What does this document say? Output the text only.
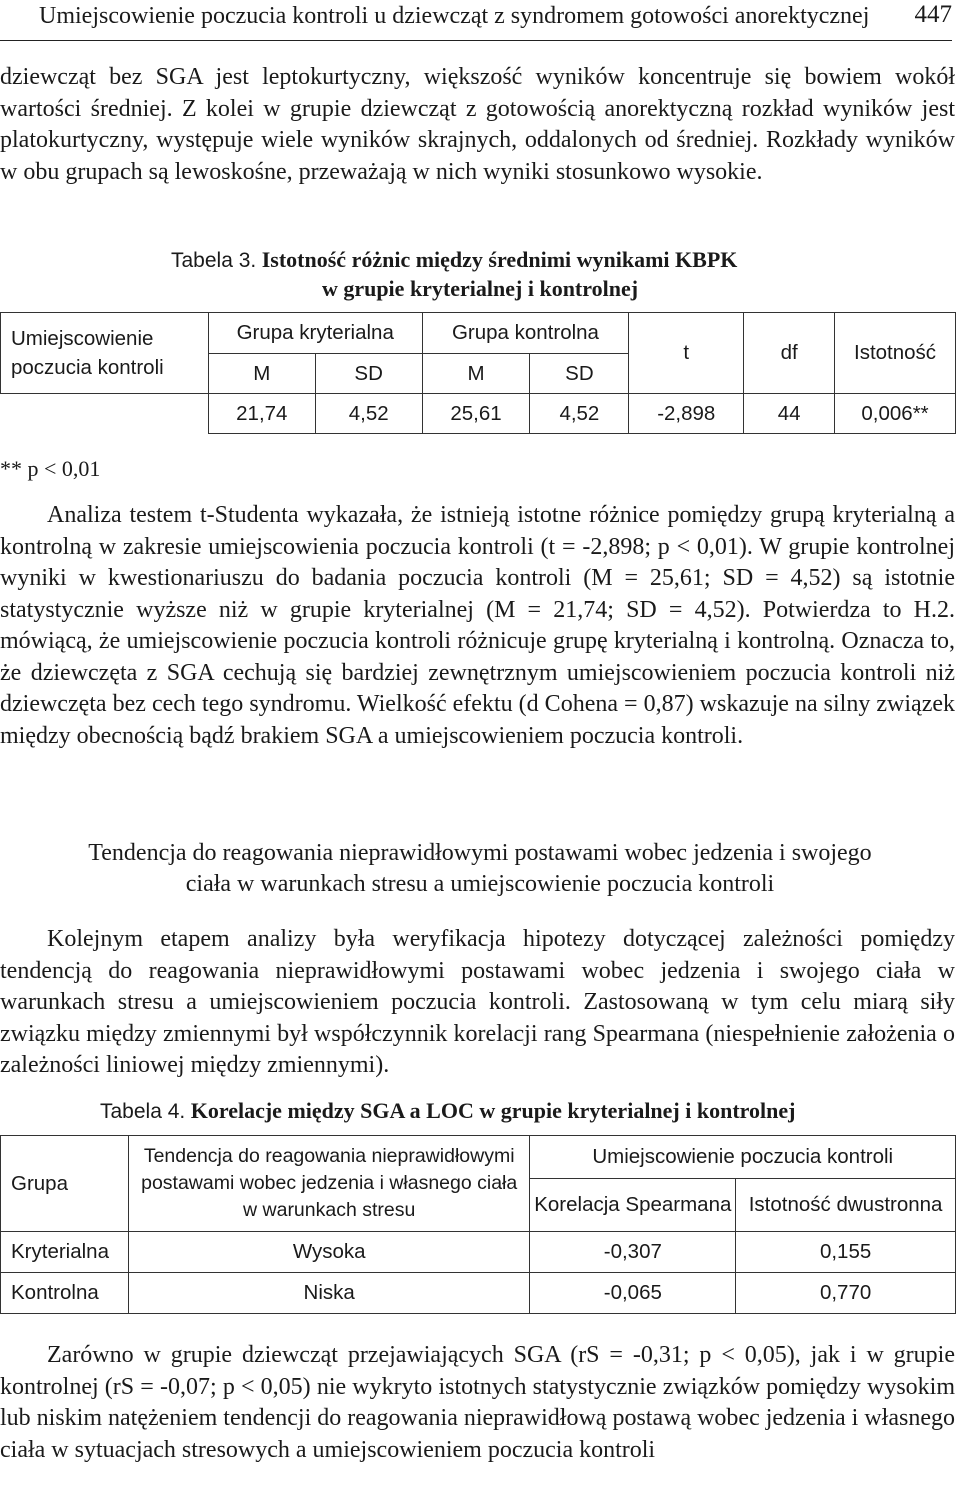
Umiejscowienie poczucia kontroli u dziewcząt z syndromem gotowości anorektycznej 447

dziewcząt bez SGA jest leptokurtyczny, większość wyników koncentruje się bowiem wokół wartości średniej. Z kolei w grupie dziewcząt z gotowością anorektyczną rozkład wyników jest platokurtyczny, występuje wiele wyników skrajnych, oddalonych od średniej. Rozkłady wyników w obu grupach są lewoskośne, przeważają w nich wyniki stosunkowo wysokie.

Tabela 3. Istotność różnic między średnimi wynikami KBPK
w grupie kryterialnej i kontrolnej
Umiejscowienie poczucia kontroli	Grupa kryterialna		Grupa kontrolna		t	df	Istotność
	M	SD	M	SD			
	21,74	4,52	25,61	4,52	-2,898	44	0,006**
** p < 0,01

Analiza testem t-Studenta wykazała, że istnieją istotne różnice pomiędzy grupą kryterialną a kontrolną w zakresie umiejscowienia poczucia kontroli (t = -2,898; p < 0,01). W grupie kontrolnej wyniki w kwestionariuszu do badania poczucia kontroli (M = 25,61; SD = 4,52) są istotnie statystycznie wyższe niż w grupie kryterialnej (M = 21,74; SD = 4,52). Potwierdza to H.2. mówiącą, że umiejscowienie poczucia kontroli różnicuje grupę kryterialną i kontrolną. Oznacza to, że dziewczęta z SGA cechują się bardziej zewnętrznym umiejscowieniem poczucia kontroli niż dziewczęta bez cech tego syndromu. Wielkość efektu (d Cohena = 0,87) wskazuje na silny związek między obecnością bądź brakiem SGA a umiejscowieniem poczucia kontroli.

Tendencja do reagowania nieprawidłowymi postawami wobec jedzenia i swojego
ciała w warunkach stresu a umiejscowienie poczucia kontroli

Kolejnym etapem analizy była weryfikacja hipotezy dotyczącej zależności pomiędzy tendencją do reagowania nieprawidłowymi postawami wobec jedzenia i swojego ciała w warunkach stresu a umiejscowieniem poczucia kontroli. Zastosowaną w tym celu miarą siły związku między zmiennymi był współczynnik korelacji rang Spearmana (niespełnienie założenia o zależności liniowej między zmiennymi).

Tabela 4. Korelacje między SGA a LOC w grupie kryterialnej i kontrolnej
Grupa	Tendencja do reagowania nieprawidłowymi
postawami wobec jedzenia i własnego ciała
w warunkach stresu	Umiejscowienie poczucia kontroli	
		Korelacja Spearmana	Istotność dwustronna
Kryterialna	Wysoka	-0,307	0,155
Kontrolna	Niska	-0,065	0,770

Zarówno w grupie dziewcząt przejawiających SGA (rS = -0,31; p < 0,05), jak i w grupie kontrolnej (rS = -0,07; p < 0,05) nie wykryto istotnych statystycznie związków pomiędzy wysokim lub niskim natężeniem tendencji do reagowania nieprawidłową postawą wobec jedzenia i własnego ciała w sytuacjach stresowych a umiejscowieniem poczucia kontroli
